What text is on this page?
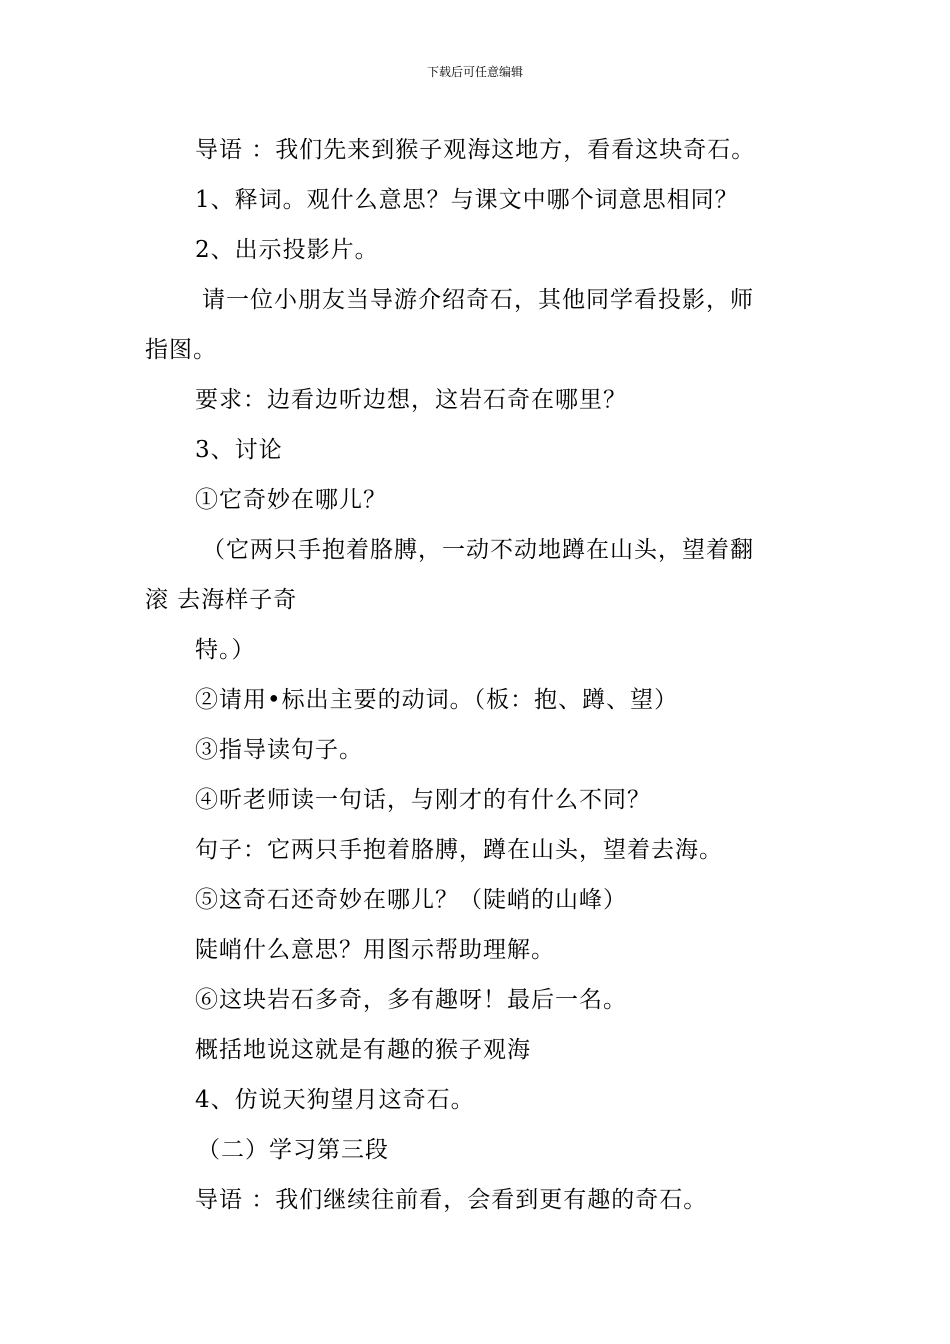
下载后可任意编辑
导语 ：我们先来到猴子观海这地方，看看这块奇石。
1、释词。观什么意思？与课文中哪个词意思相同？
2、出示投影片。
请一位小朋友当导游介绍奇石，其他同学看投影，师
指图。
要求：边看边听边想，这岩石奇在哪里？
3、讨论
①它奇妙在哪儿？
（它两只手抱着胳膊，一动不动地蹲在山头，望着翻
滚 去海样子奇
特。）
②请用•标出主要的动词。（板：抱、蹲、望）
③指导读句子。
④听老师读一句话，与刚才的有什么不同？
句子：它两只手抱着胳膊，蹲在山头，望着去海。
⑤这奇石还奇妙在哪儿？（陡峭的山峰）
陡峭什么意思？用图示帮助理解。
⑥这块岩石多奇，多有趣呀！最后一名。
概括地说这就是有趣的猴子观海
4、仿说天狗望月这奇石。
（二）学习第三段
导语 ：我们继续往前看，会看到更有趣的奇石。
